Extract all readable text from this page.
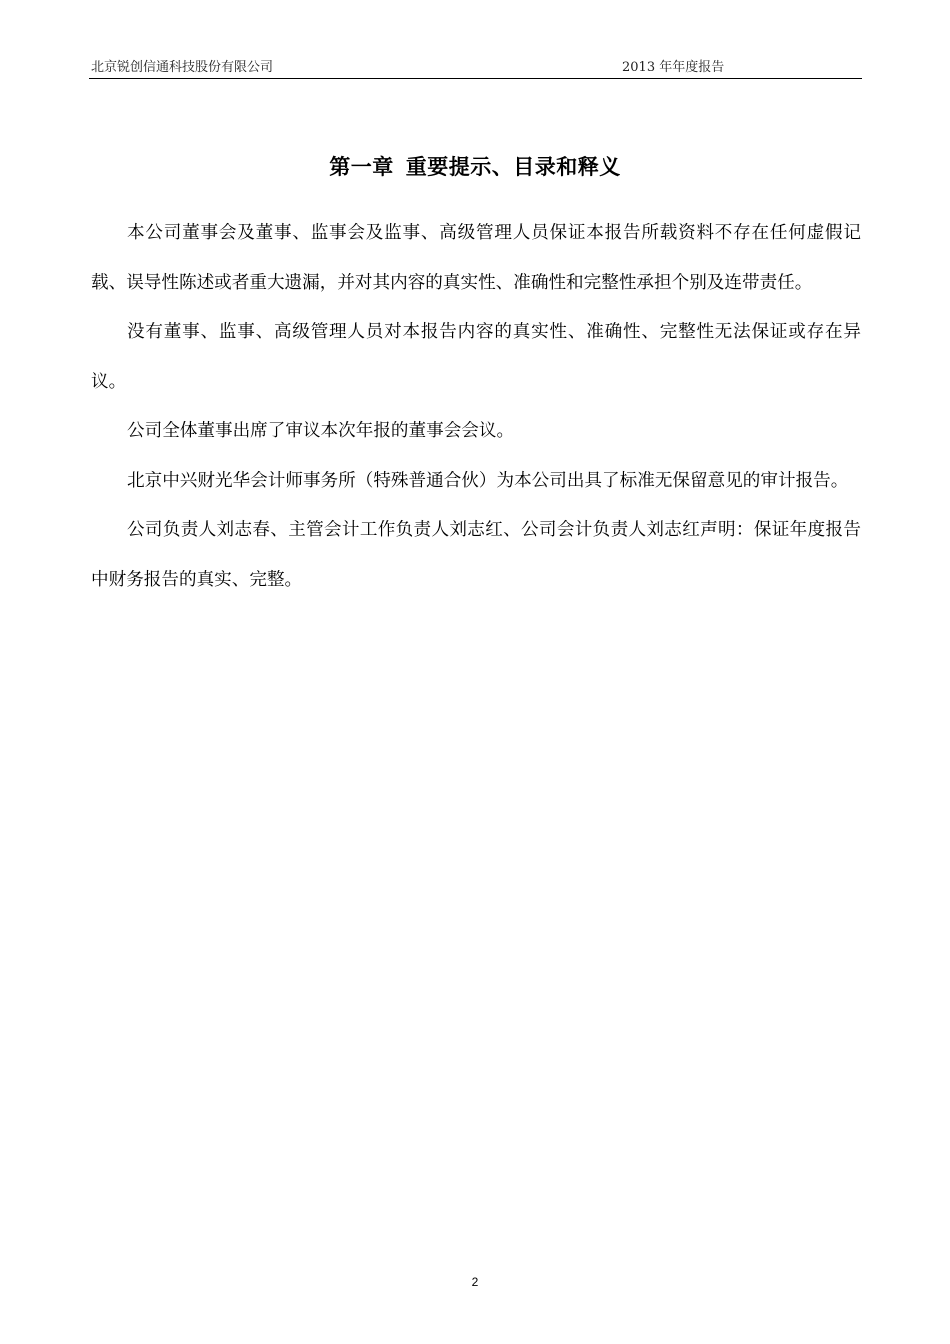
北京锐创信通科技股份有限公司	2013 年年度报告
第一章 重要提示、目录和释义

本公司董事会及董事、监事会及监事、高级管理人员保证本报告所载资料不存在任何虚假记载、误导性陈述或者重大遗漏，并对其内容的真实性、准确性和完整性承担个别及连带责任。

没有董事、监事、高级管理人员对本报告内容的真实性、准确性、完整性无法保证或存在异议。

公司全体董事出席了审议本次年报的董事会会议。

北京中兴财光华会计师事务所（特殊普通合伙）为本公司出具了标准无保留意见的审计报告。

公司负责人刘志春、主管会计工作负责人刘志红、公司会计负责人刘志红声明：保证年度报告中财务报告的真实、完整。

2
